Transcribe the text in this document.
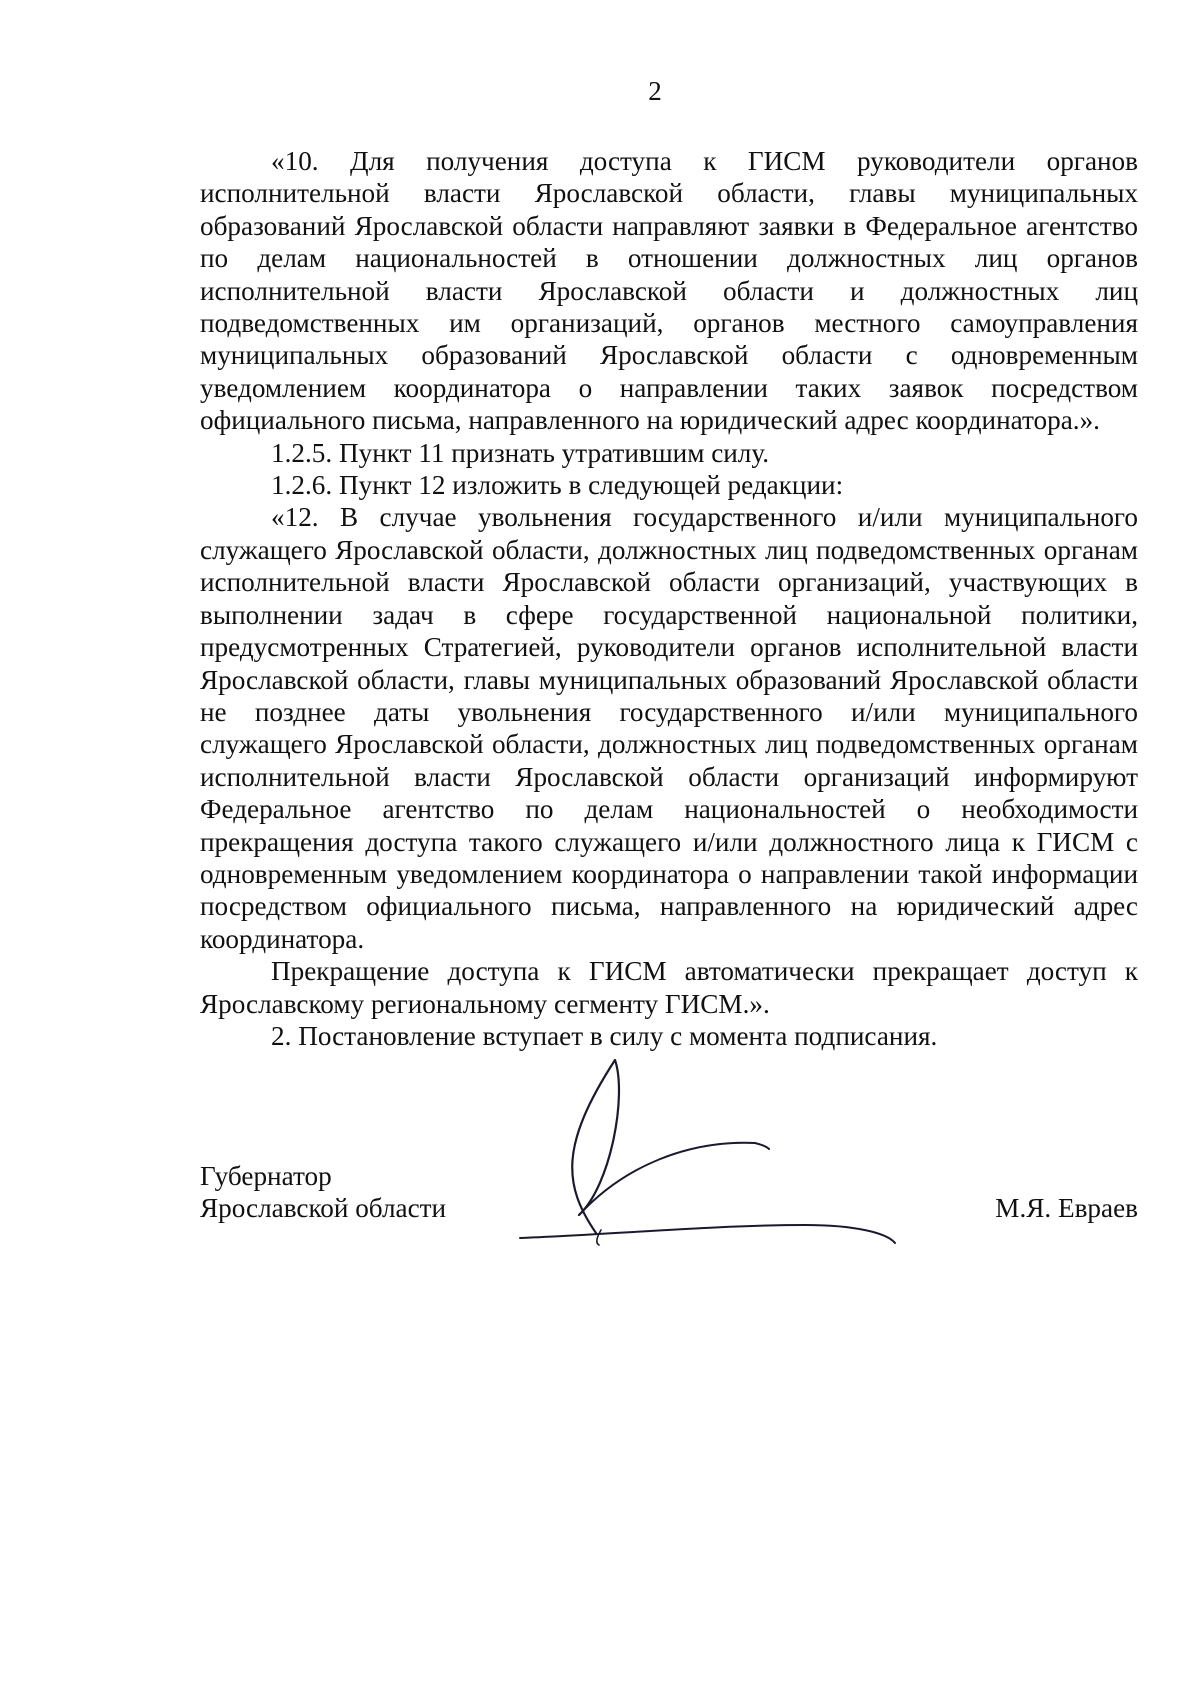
2

«10. Для получения доступа к ГИСМ руководители органов исполнительной власти Ярославской области, главы муниципальных образований Ярославской области направляют заявки в Федеральное агентство по делам национальностей в отношении должностных лиц органов исполнительной власти Ярославской области и должностных лиц подведомственных им организаций, органов местного самоуправления муниципальных образований Ярославской области с одновременным уведомлением координатора о направлении таких заявок посредством официального письма, направленного на юридический адрес координатора.».

1.2.5. Пункт 11 признать утратившим силу.

1.2.6. Пункт 12 изложить в следующей редакции:

«12. В случае увольнения государственного и/или муниципального служащего Ярославской области, должностных лиц подведомственных органам исполнительной власти Ярославской области организаций, участвующих в выполнении задач в сфере государственной национальной политики, предусмотренных Стратегией, руководители органов исполнительной власти Ярославской области, главы муниципальных образований Ярославской области не позднее даты увольнения государственного и/или муниципального служащего Ярославской области, должностных лиц подведомственных органам исполнительной власти Ярославской области организаций информируют Федеральное агентство по делам национальностей о необходимости прекращения доступа такого служащего и/или должностного лица к ГИСМ с одновременным уведомлением координатора о направлении такой информации посредством официального письма, направленного на юридический адрес координатора.

Прекращение доступа к ГИСМ автоматически прекращает доступ к Ярославскому региональному сегменту ГИСМ.».

2. Постановление вступает в силу с момента подписания.

Губернатор
Ярославской области	М.Я. Евраев
